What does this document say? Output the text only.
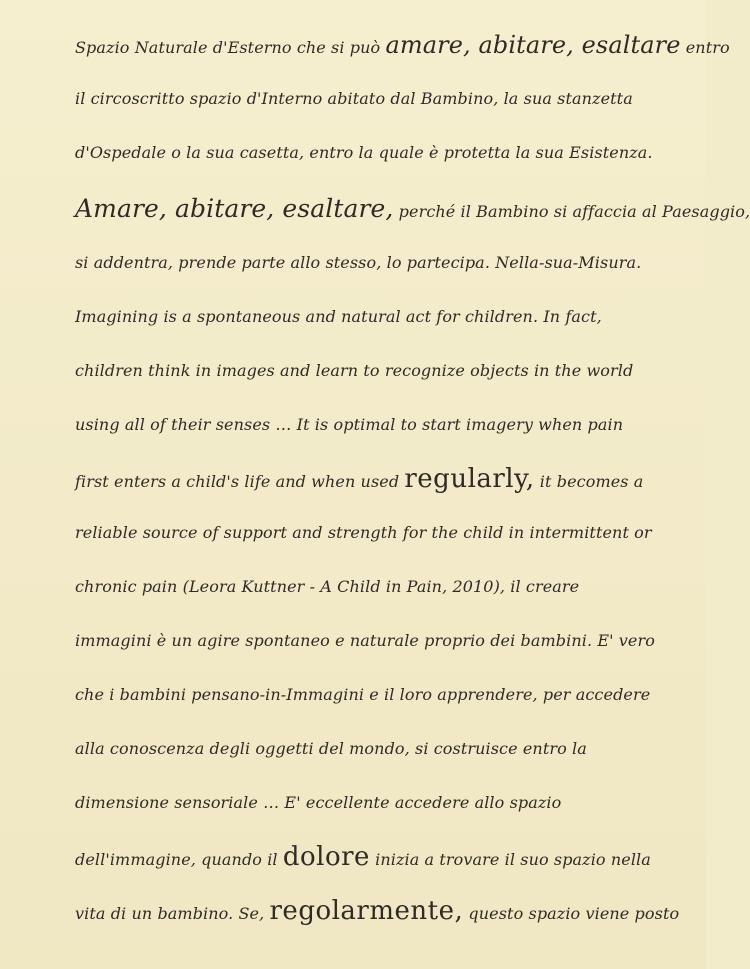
Spazio Naturale d'Esterno che si può amare, abitare, esaltare entro
il circoscritto spazio d'Interno abitato dal Bambino, la sua stanzetta
d'Ospedale o la sua casetta, entro la quale è protetta la sua Esistenza.
Amare, abitare, esaltare, perché il Bambino si affaccia al Paesaggio,
si addentra, prende parte allo stesso, lo partecipa. Nella-sua-Misura.
Imagining is a spontaneous and natural act for children. In fact,
children think in images and learn to recognize objects in the world
using all of their senses … It is optimal to start imagery when pain
first enters a child's life and when used regularly, it becomes a
reliable source of support and strength for the child in intermittent or
chronic pain (Leora Kuttner - A Child in Pain, 2010), il creare
immagini è un agire spontaneo e naturale proprio dei bambini. E' vero
che i bambini pensano-in-Immagini e il loro apprendere, per accedere
alla conoscenza degli oggetti del mondo, si costruisce entro la
dimensione sensoriale … E' eccellente accedere allo spazio
dell'immagine, quando il dolore inizia a trovare il suo spazio nella
vita di un bambino. Se, regolarmente, questo spazio viene posto
